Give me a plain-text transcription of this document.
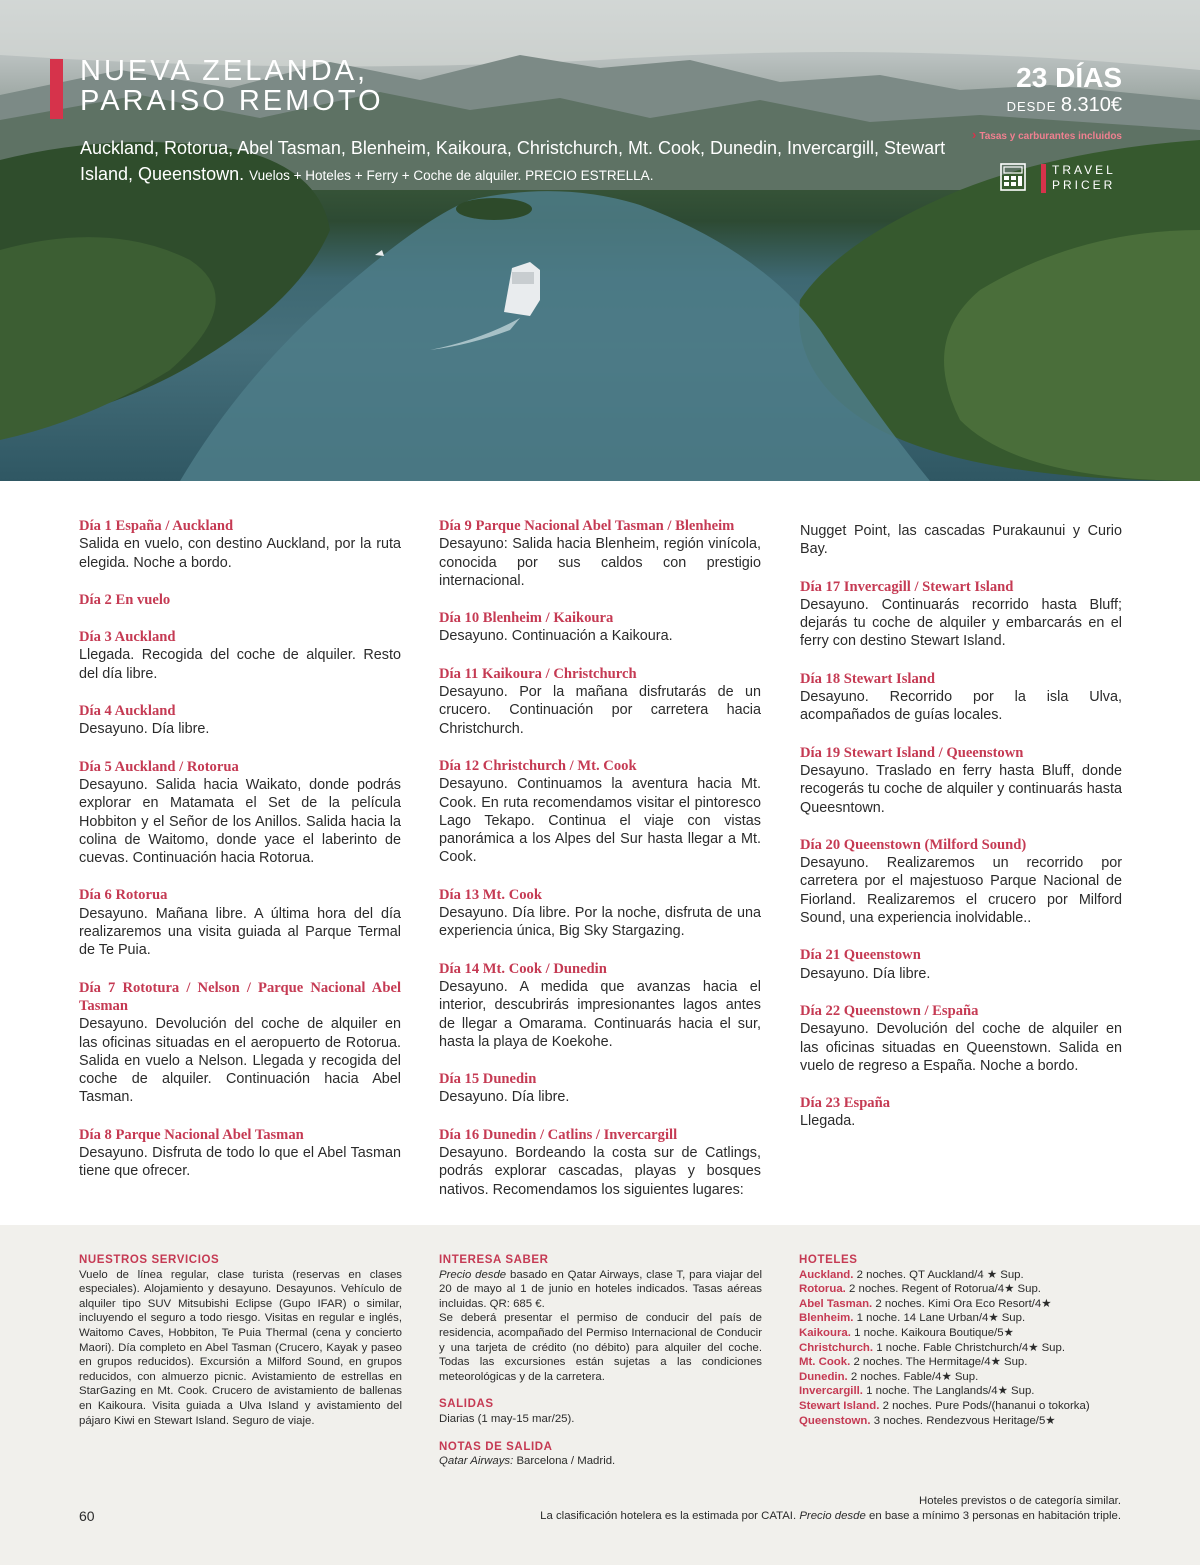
NUEVA ZELANDA,
PARAISO REMOTO
Auckland, Rotorua, Abel Tasman, Blenheim, Kaikoura, Christchurch, Mt. Cook, Dunedin, Invercargill, Stewart Island, Queenstown. Vuelos + Hoteles + Ferry + Coche de alquiler. PRECIO ESTRELLA.
23 DÍAS
DESDE 8.310€
› Tasas y carburantes incluidos
TRAVEL
PRICER
Día 1 España / Auckland

Salida en vuelo, con destino Auckland, por la ruta elegida. Noche a bordo.

Día 2 En vuelo
Día 3 Auckland

Llegada. Recogida del coche de alquiler. Resto del día libre.

Día 4 Auckland

Desayuno. Día libre.

Día 5 Auckland / Rotorua

Desayuno. Salida hacia Waikato, donde podrás explorar en Matamata el Set de la película Hobbiton y el Señor de los Anillos. Salida hacia la colina de Waitomo, donde yace el laberinto de cuevas. Continuación hacia Rotorua.

Día 6 Rotorua

Desayuno. Mañana libre. A última hora del día realizaremos una visita guiada al Parque Termal de Te Puia.

Día 7 Rototura / Nelson / Parque Nacional Abel Tasman

Desayuno. Devolución del coche de alquiler en las oficinas situadas en el aeropuerto de Rotorua. Salida en vuelo a Nelson. Llegada y recogida del coche de alquiler. Continuación hacia Abel Tasman.

Día 8 Parque Nacional Abel Tasman

Desayuno. Disfruta de todo lo que el Abel Tasman tiene que ofrecer.

Día 9 Parque Nacional Abel Tasman / Blenheim

Desayuno: Salida hacia Blenheim, región vinícola, conocida por sus caldos con prestigio internacional.

Día 10 Blenheim / Kaikoura

Desayuno. Continuación a Kaikoura.

Día 11 Kaikoura / Christchurch

Desayuno. Por la mañana disfrutarás de un crucero. Continuación por carretera hacia Christchurch.

Día 12 Christchurch / Mt. Cook

Desayuno. Continuamos la aventura hacia Mt. Cook. En ruta recomendamos visitar el pintoresco Lago Tekapo. Continua el viaje con vistas panorámica a los Alpes del Sur hasta llegar a Mt. Cook.

Día 13 Mt. Cook

Desayuno. Día libre. Por la noche, disfruta de una experiencia única, Big Sky Stargazing.

Día 14 Mt. Cook / Dunedin

Desayuno. A medida que avanzas hacia el interior, descubrirás impresionantes lagos antes de llegar a Omarama. Continuarás hacia el sur, hasta la playa de Koekohe.

Día 15 Dunedin

Desayuno. Día libre.

Día 16 Dunedin / Catlins / Invercargill

Desayuno. Bordeando la costa sur de Catlings, podrás explorar cascadas, playas y bosques nativos. Recomendamos los siguientes lugares:

Nugget Point, las cascadas Purakaunui y Curio Bay.

Día 17 Invercagill / Stewart Island

Desayuno. Continuarás recorrido hasta Bluff; dejarás tu coche de alquiler y embarcarás en el ferry con destino Stewart Island.

Día 18 Stewart Island

Desayuno. Recorrido por la isla Ulva, acompañados de guías locales.

Día 19 Stewart Island / Queenstown

Desayuno. Traslado en ferry hasta Bluff, donde recogerás tu coche de alquiler y continuarás hasta Queesntown.

Día 20 Queenstown (Milford Sound)

Desayuno. Realizaremos un recorrido por carretera por el majestuoso Parque Nacional de Fiorland. Realizaremos el crucero por Milford Sound, una experiencia inolvidable..

Día 21 Queenstown

Desayuno. Día libre.

Día 22 Queenstown / España

Desayuno. Devolución del coche de alquiler en las oficinas situadas en Queenstown. Salida en vuelo de regreso a España. Noche a bordo.

Día 23 España

Llegada.

NUESTROS SERVICIOS

Vuelo de línea regular, clase turista (reservas en clases especiales). Alojamiento y desayuno. Desayunos. Vehículo de alquiler tipo SUV Mitsubishi Eclipse (Gupo IFAR) o similar, incluyendo el seguro a todo riesgo. Visitas en regular e inglés, Waitomo Caves, Hobbiton, Te Puia Thermal (cena y concierto Maori). Día completo en Abel Tasman (Crucero, Kayak y paseo en grupos reducidos). Excursión a Milford Sound, en grupos reducidos, con almuerzo picnic. Avistamiento de estrellas en StarGazing en Mt. Cook. Crucero de avistamiento de ballenas en Kaikoura. Visita guiada a Ulva Island y avistamiento del pájaro Kiwi en Stewart Island. Seguro de viaje.

INTERESA SABER

Precio desde basado en Qatar Airways, clase T, para viajar del 20 de mayo al 1 de junio en hoteles indicados. Tasas aéreas incluidas. QR: 685 €.

Se deberá presentar el permiso de conducir del país de residencia, acompañado del Permiso Internacional de Conducir y una tarjeta de crédito (no débito) para alquiler del coche. Todas las excursiones están sujetas a las condiciones meteorológicas y de la carretera.

SALIDAS

Diarias (1 may-15 mar/25).

NOTAS DE SALIDA

Qatar Airways: Barcelona / Madrid.

HOTELES

Auckland. 2 noches. QT Auckland/4 ★ Sup.

Rotorua. 2 noches. Regent of Rotorua/4★ Sup.

Abel Tasman. 2 noches. Kimi Ora Eco Resort/4★

Blenheim. 1 noche. 14 Lane Urban/4★ Sup.

Kaikoura. 1 noche. Kaikoura Boutique/5★

Christchurch. 1 noche. Fable Christchurch/4★ Sup.

Mt. Cook. 2 noches. The Hermitage/4★ Sup.

Dunedin. 2 noches. Fable/4★ Sup.

Invercargill. 1 noche. The Langlands/4★ Sup.

Stewart Island. 2 noches. Pure Pods/(hananui o tokorka)

Queenstown. 3 noches. Rendezvous Heritage/5★

60
Hoteles previstos o de categoría similar.
La clasificación hotelera es la estimada por CATAI. Precio desde en base a mínimo 3 personas en habitación triple.
